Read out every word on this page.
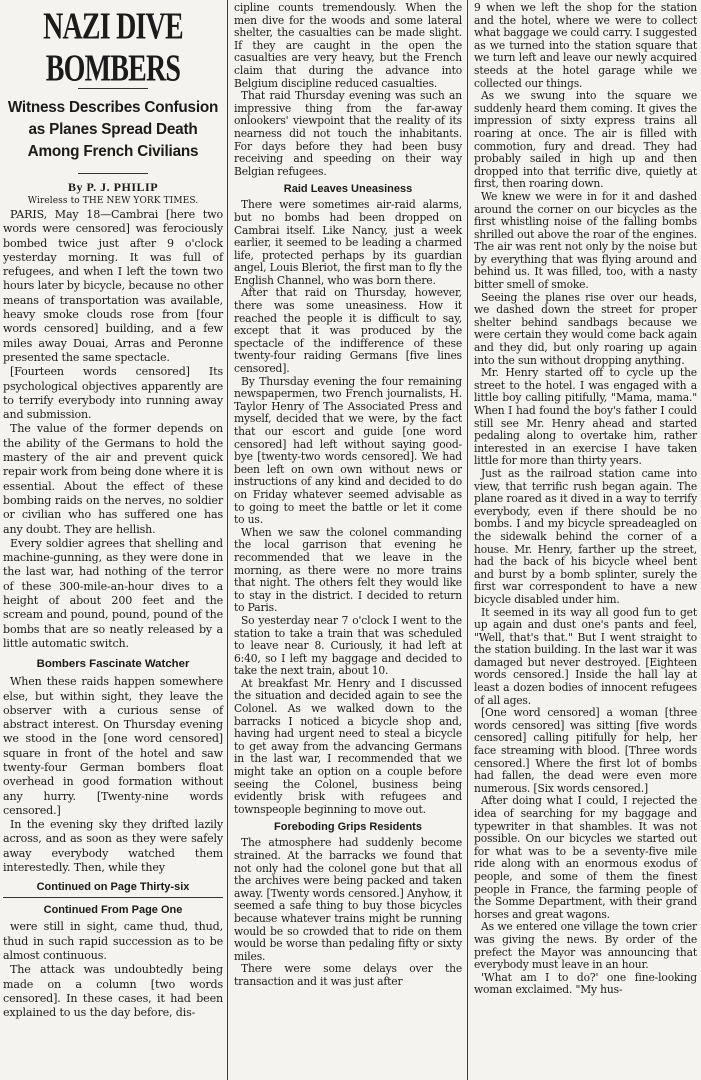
NAZI DIVE BOMBERS
Witness Describes Confusion as Planes Spread Death Among French Civilians
By P. J. PHILIP
Wireless to THE NEW YORK TIMES.

PARIS, May 18—Cambrai [here two words were censored] was ferociously bombed twice just after 9 o'clock yesterday morning. It was full of refugees, and when I left the town two hours later by bicycle, because no other means of transportation was available, heavy smoke clouds rose from [four words censored] building, and a few miles away Douai, Arras and Peronne presented the same spectacle.

[Fourteen words censored] Its psychological objectives apparently are to terrify everybody into running away and submission.

The value of the former depends on the ability of the Germans to hold the mastery of the air and prevent quick repair work from being done where it is essential. About the effect of these bombing raids on the nerves, no soldier or civilian who has suffered one has any doubt. They are hellish.

Every soldier agrees that shelling and machine-gunning, as they were done in the last war, had nothing of the terror of these 300-mile-an-hour dives to a height of about 200 feet and the scream and pound, pound, pound of the bombs that are so neatly released by a little automatic switch.

Bombers Fascinate Watcher

When these raids happen somewhere else, but within sight, they leave the observer with a curious sense of abstract interest. On Thursday evening we stood in the [one word censored] square in front of the hotel and saw twenty-four German bombers float overhead in good formation without any hurry. [Twenty-nine words censored.]

In the evening sky they drifted lazily across, and as soon as they were safely away everybody watched them interestedly. Then, while they

Continued on Page Thirty-six
Continued From Page One

were still in sight, came thud, thud, thud in such rapid succession as to be almost continuous.

The attack was undoubtedly being made on a column [two words censored]. In these cases, it had been explained to us the day before, dis-

cipline counts tremendously. When the men dive for the woods and some lateral shelter, the casualties can be made slight. If they are caught in the open the casualties are very heavy, but the French claim that during the advance into Belgium discipline reduced casualties.

That raid Thursday evening was such an impressive thing from the far-away onlookers' viewpoint that the reality of its nearness did not touch the inhabitants. For days before they had been busy receiving and speeding on their way Belgian refugees.

Raid Leaves Uneasiness

There were sometimes air-raid alarms, but no bombs had been dropped on Cambrai itself. Like Nancy, just a week earlier, it seemed to be leading a charmed life, protected perhaps by its guardian angel, Louis Bleriot, the first man to fly the English Channel, who was born there.

After that raid on Thursday, however, there was some uneasiness. How it reached the people it is difficult to say, except that it was produced by the spectacle of the indifference of these twenty-four raiding Germans [five lines censored].

By Thursday evening the four remaining newspapermen, two French journalists, H. Taylor Henry of The Associated Press and myself, decided that we were, by the fact that our escort and guide [one word censored] had left without saying good-bye [twenty-two words censored]. We had been left on own own without news or instructions of any kind and decided to do on Friday whatever seemed advisable as to going to meet the battle or let it come to us.

When we saw the colonel commanding the local garrison that evening he recommended that we leave in the morning, as there were no more trains that night. The others felt they would like to stay in the district. I decided to return to Paris.

So yesterday near 7 o'clock I went to the station to take a train that was scheduled to leave near 8. Curiously, it had left at 6:40, so I left my baggage and decided to take the next train, about 10.

At breakfast Mr. Henry and I discussed the situation and decided again to see the Colonel. As we walked down to the barracks I noticed a bicycle shop and, having had urgent need to steal a bicycle to get away from the advancing Germans in the last war, I recommended that we might take an option on a couple before seeing the Colonel, business being evidently brisk with refugees and townspeople beginning to move out.

Foreboding Grips Residents

The atmosphere had suddenly become strained. At the barracks we found that not only had the colonel gone but that all the archives were being packed and taken away. [Twenty words censored.] Anyhow, it seemed a safe thing to buy those bicycles because whatever trains might be running would be so crowded that to ride on them would be worse than pedaling fifty or sixty miles.

There were some delays over the transaction and it was just after

9 when we left the shop for the station and the hotel, where we were to collect what baggage we could carry. I suggested as we turned into the station square that we turn left and leave our newly acquired steeds at the hotel garage while we collected our things.

As we swung into the square we suddenly heard them coming. It gives the impression of sixty express trains all roaring at once. The air is filled with commotion, fury and dread. They had probably sailed in high up and then dropped into that terrific dive, quietly at first, then roaring down.

We knew we were in for it and dashed around the corner on our bicycles as the first whistling noise of the falling bombs shrilled out above the roar of the engines. The air was rent not only by the noise but by everything that was flying around and behind us. It was filled, too, with a nasty bitter smell of smoke.

Seeing the planes rise over our heads, we dashed down the street for proper shelter behind sandbags because we were certain they would come back again and they did, but only roaring up again into the sun without dropping anything.

Mr. Henry started off to cycle up the street to the hotel. I was engaged with a little boy calling pitifully, "Mama, mama." When I had found the boy's father I could still see Mr. Henry ahead and started pedaling along to overtake him, rather interested in an exercise I have taken little for more than thirty years.

Just as the railroad station came into view, that terrific rush began again. The plane roared as it dived in a way to terrify everybody, even if there should be no bombs. I and my bicycle spreadeagled on the sidewalk behind the corner of a house. Mr. Henry, farther up the street, had the back of his bicycle wheel bent and burst by a bomb splinter, surely the first war correspondent to have a new bicycle disabled under him.

It seemed in its way all good fun to get up again and dust one's pants and feel, "Well, that's that." But I went straight to the station building. In the last war it was damaged but never destroyed. [Eighteen words censored.] Inside the hall lay at least a dozen bodies of innocent refugees of all ages.

[One word censored] a woman [three words censored] was sitting [five words censored] calling pitifully for help, her face streaming with blood. [Three words censored.] Where the first lot of bombs had fallen, the dead were even more numerous. [Six words censored.]

After doing what I could, I rejected the idea of searching for my baggage and typewriter in that shambles. It was not possible. On our bicycles we started out for what was to be a seventy-five mile ride along with an enormous exodus of people, and some of them the finest people in France, the farming people of the Somme Department, with their grand horses and great wagons.

As we entered one village the town crier was giving the news. By order of the prefect the Mayor was announcing that everybody must leave in an hour.

'What am I to do?' one fine-looking woman exclaimed. "My hus-
